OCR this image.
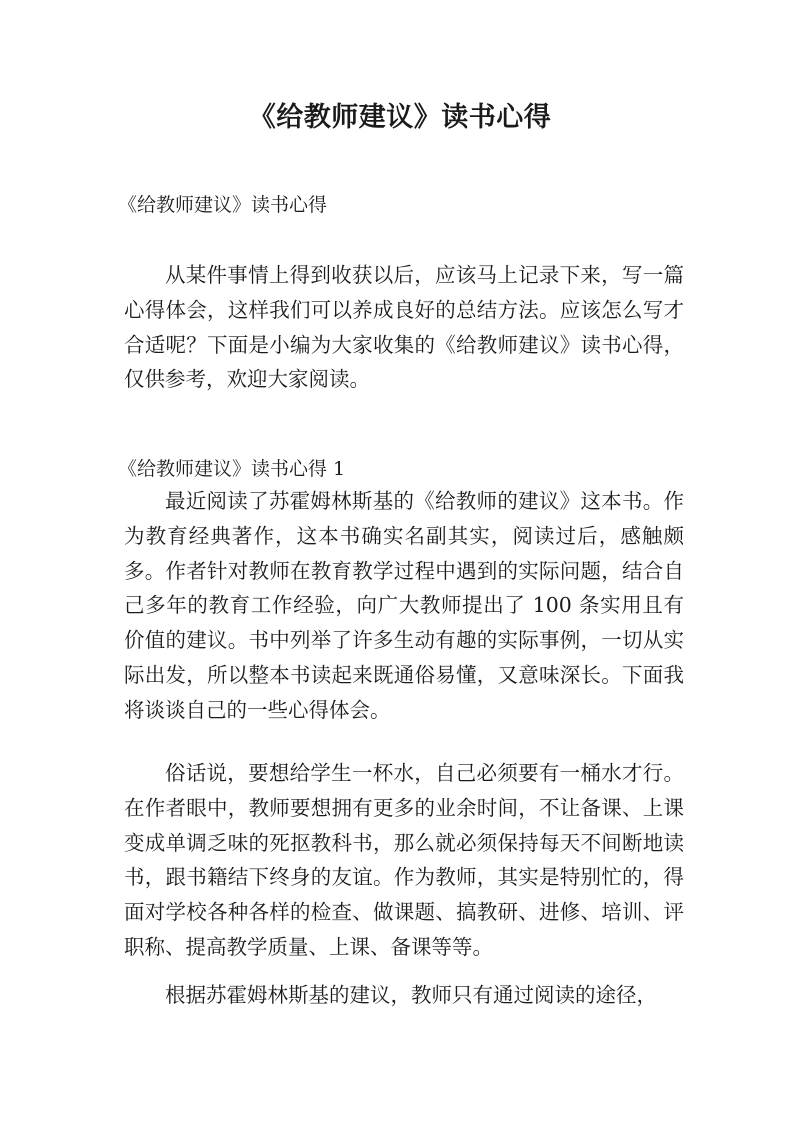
《给教师建议》读书心得
《给教师建议》读书心得

从某件事情上得到收获以后，应该马上记录下来，写一篇心得体会，这样我们可以养成良好的总结方法。应该怎么写才合适呢？下面是小编为大家收集的《给教师建议》读书心得，仅供参考，欢迎大家阅读。

《给教师建议》读书心得 1

最近阅读了苏霍姆林斯基的《给教师的建议》这本书。作为教育经典著作，这本书确实名副其实，阅读过后，感触颇多。作者针对教师在教育教学过程中遇到的实际问题，结合自己多年的教育工作经验，向广大教师提出了 100 条实用且有价值的建议。书中列举了许多生动有趣的实际事例，一切从实际出发，所以整本书读起来既通俗易懂，又意味深长。下面我将谈谈自己的一些心得体会。

俗话说，要想给学生一杯水，自己必须要有一桶水才行。在作者眼中，教师要想拥有更多的业余时间，不让备课、上课变成单调乏味的死抠教科书，那么就必须保持每天不间断地读书，跟书籍结下终身的友谊。作为教师，其实是特别忙的，得面对学校各种各样的检查、做课题、搞教研、进修、培训、评职称、提高教学质量、上课、备课等等。

根据苏霍姆林斯基的建议，教师只有通过阅读的途径，
